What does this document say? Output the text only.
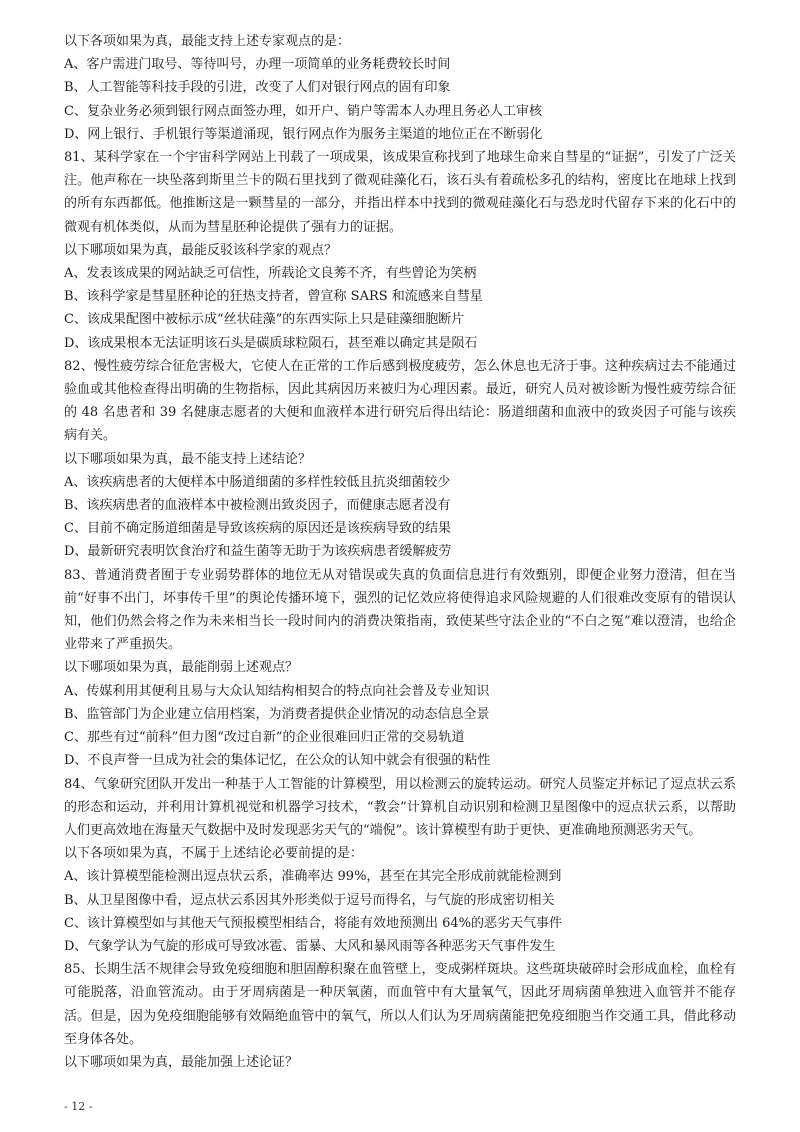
以下各项如果为真，最能支持上述专家观点的是：
A、客户需进门取号、等待叫号，办理一项简单的业务耗费较长时间
B、人工智能等科技手段的引进，改变了人们对银行网点的固有印象
C、复杂业务必须到银行网点面签办理，如开户、销户等需本人办理且务必人工审核
D、网上银行、手机银行等渠道涌现，银行网点作为服务主渠道的地位正在不断弱化
81、某科学家在一个宇宙科学网站上刊载了一项成果，该成果宣称找到了地球生命来自彗星的“证据”，引发了广泛关注。他声称在一块坠落到斯里兰卡的陨石里找到了微观硅藻化石，该石头有着疏松多孔的结构，密度比在地球上找到的所有东西都低。他推断这是一颗彗星的一部分，并指出样本中找到的微观硅藻化石与恐龙时代留存下来的化石中的微观有机体类似，从而为彗星胚种论提供了强有力的证据。
以下哪项如果为真，最能反驳该科学家的观点？
A、发表该成果的网站缺乏可信性，所载论文良莠不齐，有些曾论为笑柄
B、该科学家是彗星胚种论的狂热支持者，曾宣称 SARS 和流感来自彗星
C、该成果配图中被标示成“丝状硅藻”的东西实际上只是硅藻细胞断片
D、该成果根本无法证明该石头是碳质球粒陨石，甚至难以确定其是陨石
82、慢性疲劳综合征危害极大，它使人在正常的工作后感到极度疲劳，怎么休息也无济于事。这种疾病过去不能通过验血或其他检查得出明确的生物指标，因此其病因历来被归为心理因素。最近，研究人员对被诊断为慢性疲劳综合征的 48 名患者和 39 名健康志愿者的大便和血液样本进行研究后得出结论：肠道细菌和血液中的致炎因子可能与该疾病有关。
以下哪项如果为真，最不能支持上述结论？
A、该疾病患者的大便样本中肠道细菌的多样性较低且抗炎细菌较少
B、该疾病患者的血液样本中被检测出致炎因子，而健康志愿者没有
C、目前不确定肠道细菌是导致该疾病的原因还是该疾病导致的结果
D、最新研究表明饮食治疗和益生菌等无助于为该疾病患者缓解疲劳
83、普通消费者囿于专业弱势群体的地位无从对错误或失真的负面信息进行有效甄别，即便企业努力澄清，但在当前“好事不出门，坏事传千里”的舆论传播环境下，强烈的记忆效应将使得追求风险规避的人们很难改变原有的错误认知，他们仍然会将之作为未来相当长一段时间内的消费决策指南，致使某些守法企业的“不白之冤”难以澄清，也给企业带来了严重损失。
以下哪项如果为真，最能削弱上述观点？
A、传媒利用其便利且易与大众认知结构相契合的特点向社会普及专业知识
B、监管部门为企业建立信用档案，为消费者提供企业情况的动态信息全景
C、那些有过“前科”但力图“改过自新”的企业很难回归正常的交易轨道
D、不良声誉一旦成为社会的集体记忆，在公众的认知中就会有很强的粘性
84、气象研究团队开发出一种基于人工智能的计算模型，用以检测云的旋转运动。研究人员鉴定并标记了逗点状云系的形态和运动，并利用计算机视觉和机器学习技术，“教会”计算机自动识别和检测卫星图像中的逗点状云系，以帮助人们更高效地在海量天气数据中及时发现恶劣天气的“端倪”。该计算模型有助于更快、更准确地预测恶劣天气。
以下各项如果为真，不属于上述结论必要前提的是：
A、该计算模型能检测出逗点状云系，准确率达 99%，甚至在其完全形成前就能检测到
B、从卫星图像中看，逗点状云系因其外形类似于逗号而得名，与气旋的形成密切相关
C、该计算模型如与其他天气预报模型相结合，将能有效地预测出 64%的恶劣天气事件
D、气象学认为气旋的形成可导致冰雹、雷暴、大风和暴风雨等各种恶劣天气事件发生
85、长期生活不规律会导致免疫细胞和胆固醇积聚在血管壁上，变成粥样斑块。这些斑块破碎时会形成血栓，血栓有可能脱落，沿血管流动。由于牙周病菌是一种厌氧菌，而血管中有大量氧气，因此牙周病菌单独进入血管并不能存活。但是，因为免疫细胞能够有效隔绝血管中的氧气，所以人们认为牙周病菌能把免疫细胞当作交通工具，借此移动至身体各处。
以下哪项如果为真，最能加强上述论证？
- 12 -
